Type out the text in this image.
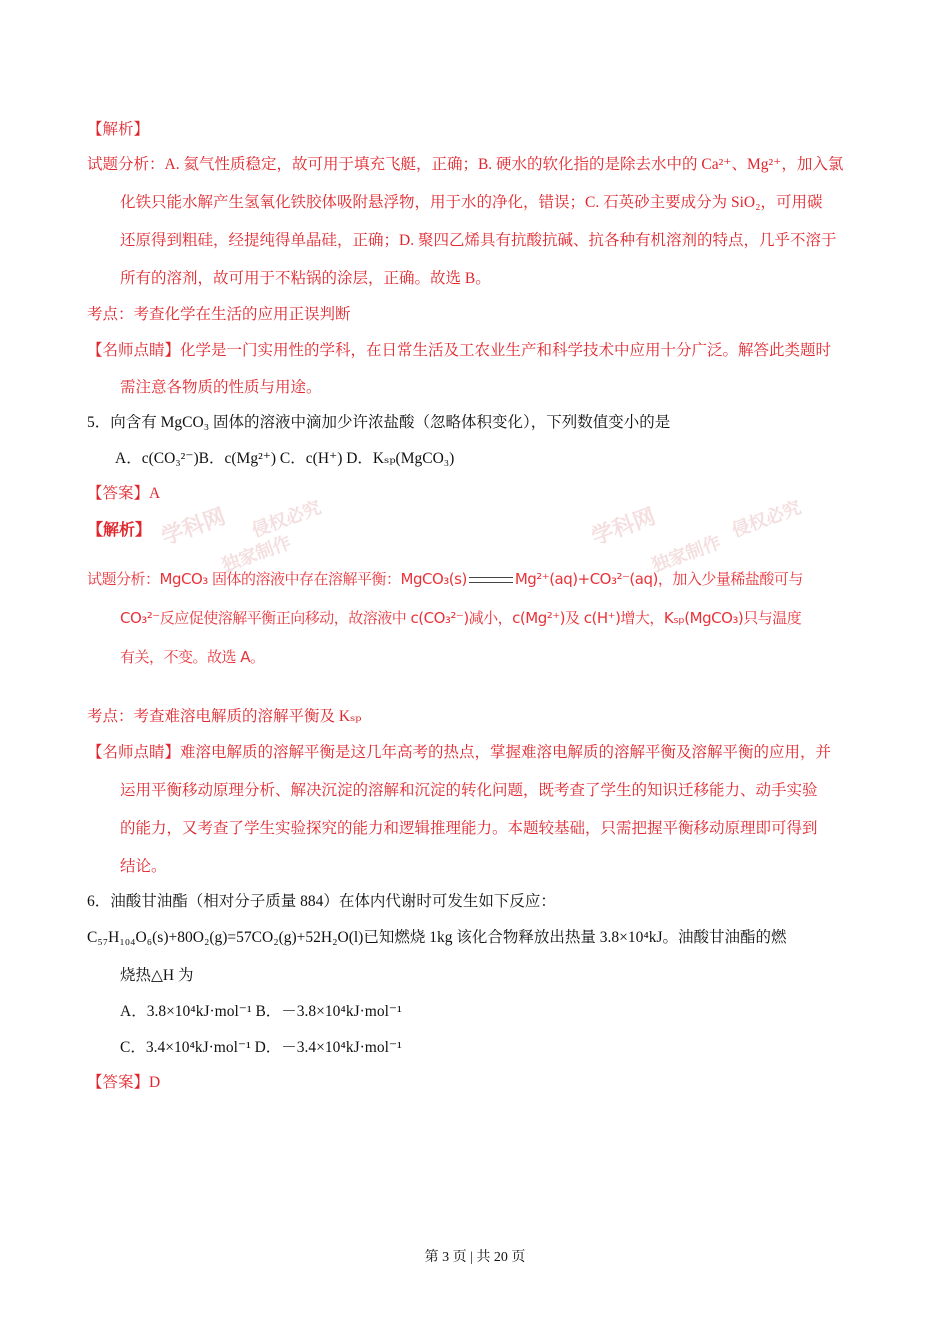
【解析】
试题分析：A. 氦气性质稳定，故可用于填充飞艇，正确；B. 硬水的软化指的是除去水中的 Ca²⁺、Mg²⁺，加入氯
化铁只能水解产生氢氧化铁胶体吸附悬浮物，用于水的净化，错误；C. 石英砂主要成分为 SiO₂，可用碳
还原得到粗硅，经提纯得单晶硅，正确；D. 聚四乙烯具有抗酸抗碱、抗各种有机溶剂的特点，几乎不溶于
所有的溶剂，故可用于不粘锅的涂层，正确。故选 B。
考点：考查化学在生活的应用正误判断
【名师点睛】化学是一门实用性的学科，在日常生活及工农业生产和科学技术中应用十分广泛。解答此类题时
需注意各物质的性质与用途。
5．向含有 MgCO₃ 固体的溶液中滴加少许浓盐酸（忽略体积变化），下列数值变小的是
A．c(CO₃²⁻)B．c(Mg²⁺) C．c(H⁺) D．Kₛₚ(MgCO₃)
【答案】A
学科网
独家制作
学科网
独家制作
侵权必究
侵权必究
【解析】
试题分析：MgCO₃ 固体的溶液中存在溶解平衡：MgCO₃(s)	Mg²⁺(aq)+CO₃²⁻(aq)，加入少量稀盐酸可与
CO₃²⁻反应促使溶解平衡正向移动，故溶液中 c(CO₃²⁻)减小，c(Mg²⁺)及 c(H⁺)增大，Kₛₚ(MgCO₃)只与温度
有关，不变。故选 A。
考点：考查难溶电解质的溶解平衡及 Kₛₚ
【名师点睛】难溶电解质的溶解平衡是这几年高考的热点，掌握难溶电解质的溶解平衡及溶解平衡的应用，并
运用平衡移动原理分析、解决沉淀的溶解和沉淀的转化问题，既考查了学生的知识迁移能力、动手实验
的能力，又考查了学生实验探究的能力和逻辑推理能力。本题较基础，只需把握平衡移动原理即可得到
结论。
6．油酸甘油酯（相对分子质量 884）在体内代谢时可发生如下反应：
C₅₇H₁₀₄O₆(s)+80O₂(g)=57CO₂(g)+52H₂O(l)已知燃烧 1kg 该化合物释放出热量 3.8×10⁴kJ。油酸甘油酯的燃
烧热△H 为
A．3.8×10⁴kJ·mol⁻¹ B．－3.8×10⁴kJ·mol⁻¹
C．3.4×10⁴kJ·mol⁻¹ D．－3.4×10⁴kJ·mol⁻¹
【答案】D
第 3 页 | 共 20 页
